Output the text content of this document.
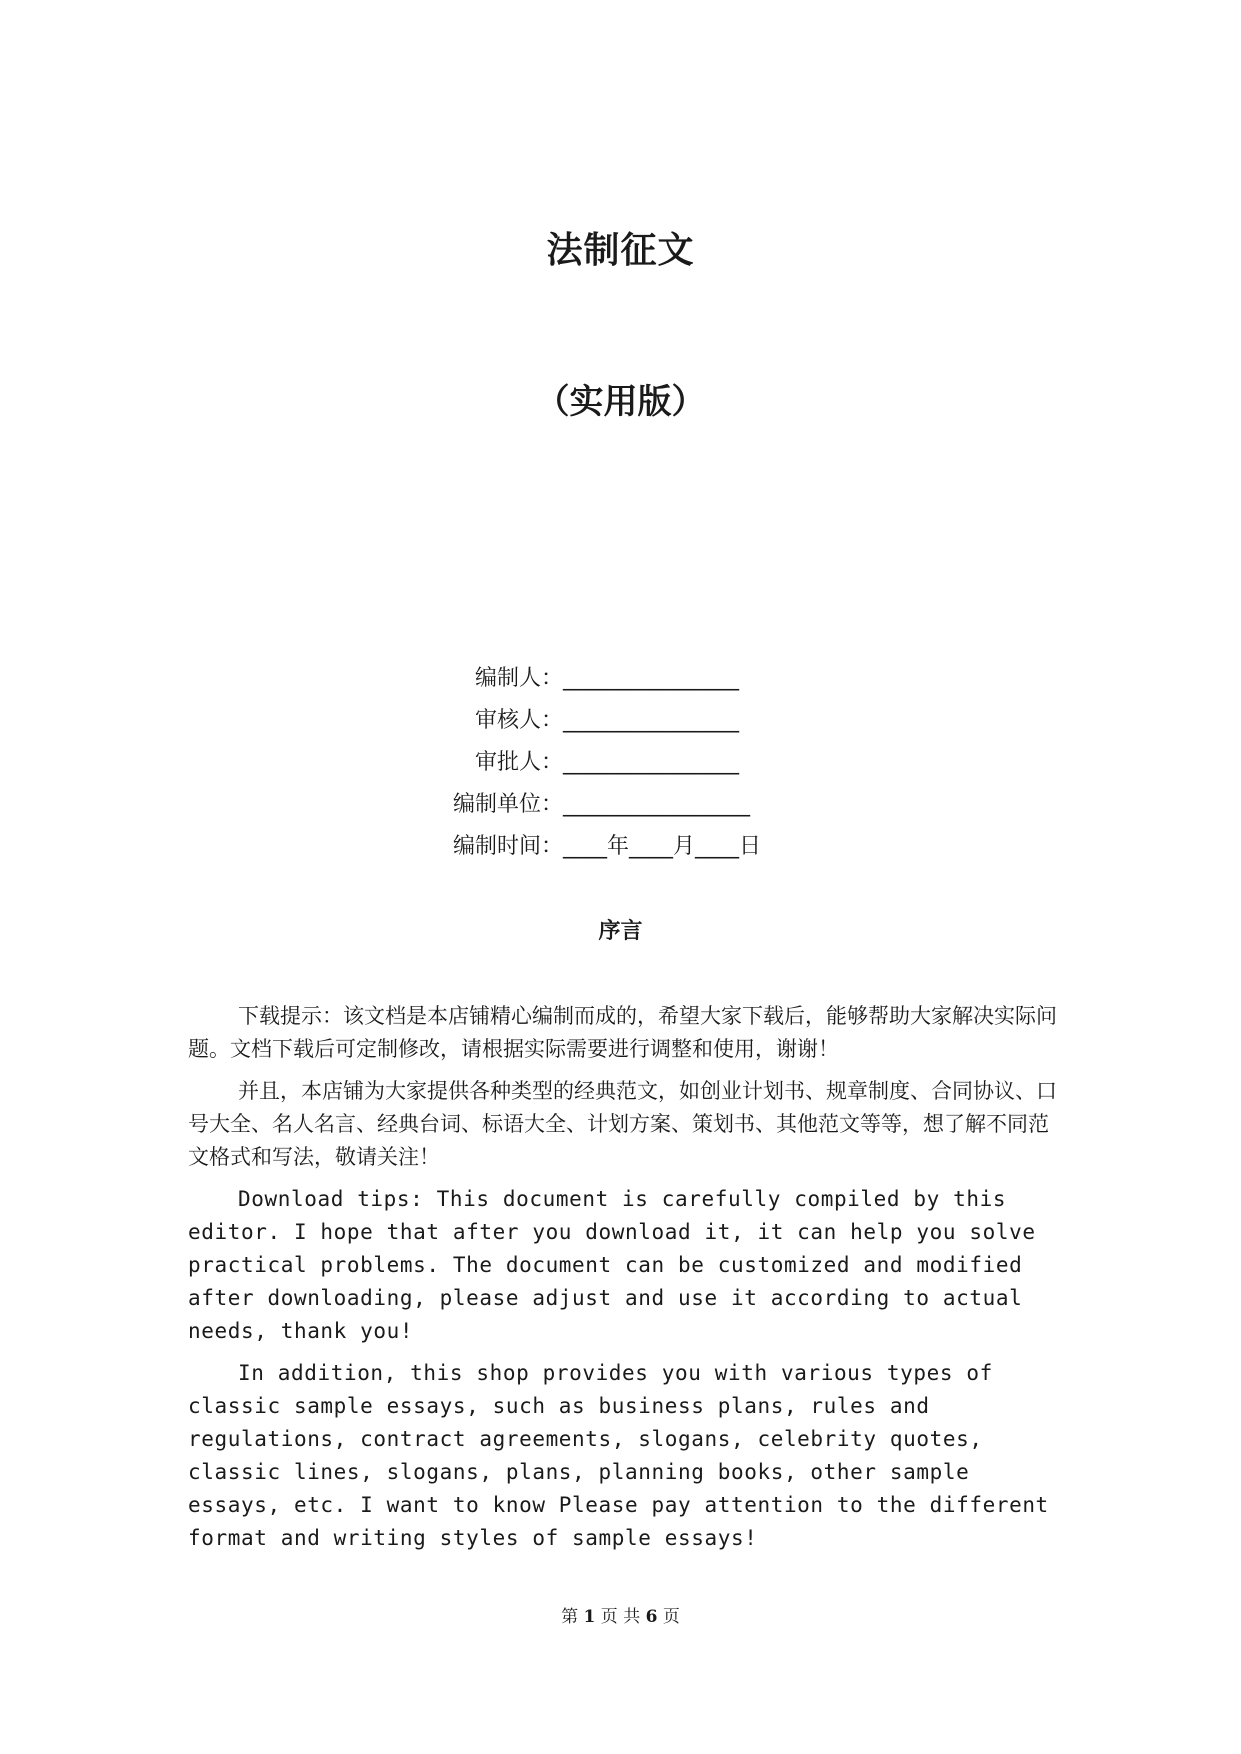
法制征文
（实用版）
编制人：________________
审核人：________________
审批人：________________
编制单位：_________________
编制时间：____年____月____日
序言

下载提示：该文档是本店铺精心编制而成的，希望大家下载后，能够帮助大家解决实际问题。文档下载后可定制修改，请根据实际需要进行调整和使用，谢谢！

并且，本店铺为大家提供各种类型的经典范文，如创业计划书、规章制度、合同协议、口号大全、名人名言、经典台词、标语大全、计划方案、策划书、其他范文等等，想了解不同范文格式和写法，敬请关注！

Download tips: This document is carefully compiled by this editor. I hope that after you download it, it can help you solve practical problems. The document can be customized and modified after downloading, please adjust and use it according to actual needs, thank you!

In addition, this shop provides you with various types of classic sample essays, such as business plans, rules and regulations, contract agreements, slogans, celebrity quotes, classic lines, slogans, plans, planning books, other sample essays, etc. I want to know Please pay attention to the different format and writing styles of sample essays!

第 1 页 共 6 页
